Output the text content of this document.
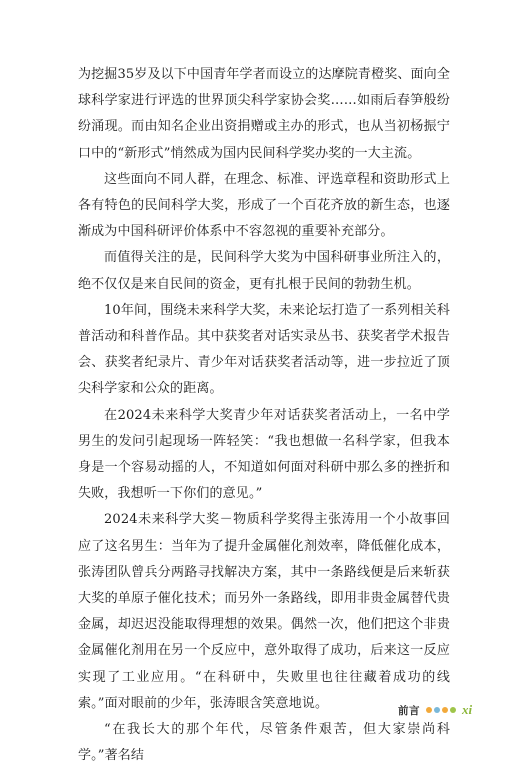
为挖掘35岁及以下中国青年学者而设立的达摩院青橙奖、面向全球科学家进行评选的世界顶尖科学家协会奖……如雨后春笋般纷纷涌现。而由知名企业出资捐赠或主办的形式，也从当初杨振宁口中的“新形式”悄然成为国内民间科学奖办奖的一大主流。

这些面向不同人群，在理念、标准、评选章程和资助形式上各有特色的民间科学大奖，形成了一个百花齐放的新生态，也逐渐成为中国科研评价体系中不容忽视的重要补充部分。

而值得关注的是，民间科学大奖为中国科研事业所注入的，绝不仅仅是来自民间的资金，更有扎根于民间的勃勃生机。

10年间，围绕未来科学大奖，未来论坛打造了一系列相关科普活动和科普作品。其中获奖者对话实录丛书、获奖者学术报告会、获奖者纪录片、青少年对话获奖者活动等，进一步拉近了顶尖科学家和公众的距离。

在2024未来科学大奖青少年对话获奖者活动上，一名中学男生的发问引起现场一阵轻笑：“我也想做一名科学家，但我本身是一个容易动摇的人，不知道如何面对科研中那么多的挫折和失败，我想听一下你们的意见。”

2024未来科学大奖－物质科学奖得主张涛用一个小故事回应了这名男生：当年为了提升金属催化剂效率，降低催化成本，张涛团队曾兵分两路寻找解决方案，其中一条路线便是后来斩获大奖的单原子催化技术；而另外一条路线，即用非贵金属替代贵金属，却迟迟没能取得理想的效果。偶然一次，他们把这个非贵金属催化剂用在另一个反应中，意外取得了成功，后来这一反应实现了工业应用。“在科研中，失败里也往往藏着成功的线索。”面对眼前的少年，张涛眼含笑意地说。

“在我长大的那个年代，尽管条件艰苦，但大家崇尚科学。”著名结

前言	xi
